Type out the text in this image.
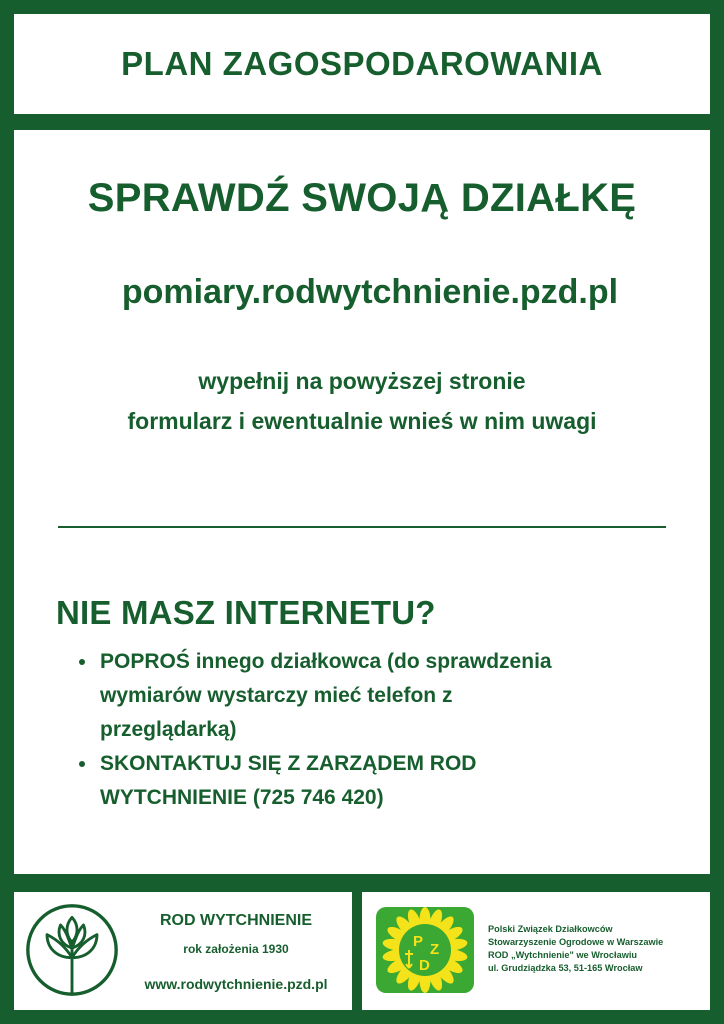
PLAN ZAGOSPODAROWANIA
SPRAWDŹ SWOJĄ DZIAŁKĘ
pomiary.rodwytchnienie.pzd.pl
wypełnij na powyższej stronie
formularz i ewentualnie wnieś w nim uwagi
NIE MASZ INTERNETU?
• POPROŚ innego działkowca (do sprawdzenia wymiarów wystarczy mieć telefon z przeglądarką)
• SKONTAKTUJ SIĘ Z ZARZĄDEM ROD WYTCHNIENIE (725 746 420)
ROD WYTCHNIENIE
rok założenia 1930
www.rodwytchnienie.pzd.pl
P Z
D
Polski Związek Działkowców
Stowarzyszenie Ogrodowe w Warszawie
ROD „Wytchnienie" we Wrocławiu
ul. Grudziądzka 53, 51-165 Wrocław
